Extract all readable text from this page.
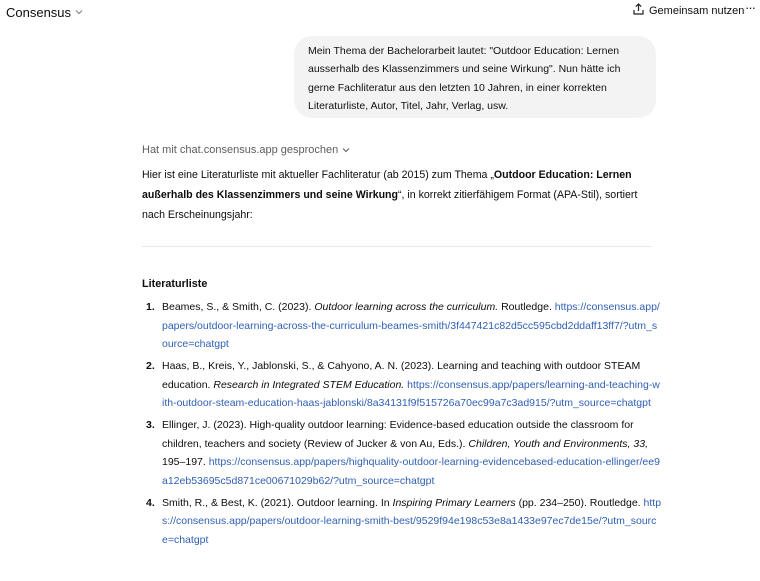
Consensus	Gemeinsam nutzen ···
Mein Thema der Bachelorarbeit lautet: "Outdoor Education: Lernen ausserhalb des Klassenzimmers und seine Wirkung". Nun hätte ich gerne Fachliteratur aus den letzten 10 Jahren, in einer korrekten Literaturliste, Autor, Titel, Jahr, Verlag, usw.
Hat mit chat.consensus.app gesprochen
Hier ist eine Literaturliste mit aktueller Fachliteratur (ab 2015) zum Thema „Outdoor Education: Lernen außerhalb des Klassenzimmers und seine Wirkung“, in korrekt zitierfähigem Format (APA-Stil), sortiert nach Erscheinungsjahr:
Literaturliste
1. Beames, S., & Smith, C. (2023). Outdoor learning across the curriculum. Routledge. https://consensus.app/papers/outdoor-learning-across-the-curriculum-beames-smith/3f447421c82d5cc595cbd2ddaff13ff7/?utm_source=chatgpt
2. Haas, B., Kreis, Y., Jablonski, S., & Cahyono, A. N. (2023). Learning and teaching with outdoor STEAM education. Research in Integrated STEM Education. https://consensus.app/papers/learning-and-teaching-with-outdoor-steam-education-haas-jablonski/8a34131f9f515726a70ec99a7c3ad915/?utm_source=chatgpt
3. Ellinger, J. (2023). High-quality outdoor learning: Evidence-based education outside the classroom for children, teachers and society (Review of Jucker & von Au, Eds.). Children, Youth and Environments, 33, 195–197. https://consensus.app/papers/highquality-outdoor-learning-evidencebased-education-ellinger/ee9a12eb53695c5d871ce00671029b62/?utm_source=chatgpt
4. Smith, R., & Best, K. (2021). Outdoor learning. In Inspiring Primary Learners (pp. 234–250). Routledge. https://consensus.app/papers/outdoor-learning-smith-best/9529f94e198c53e8a1433e97ec7de15e/?utm_source=chatgpt
